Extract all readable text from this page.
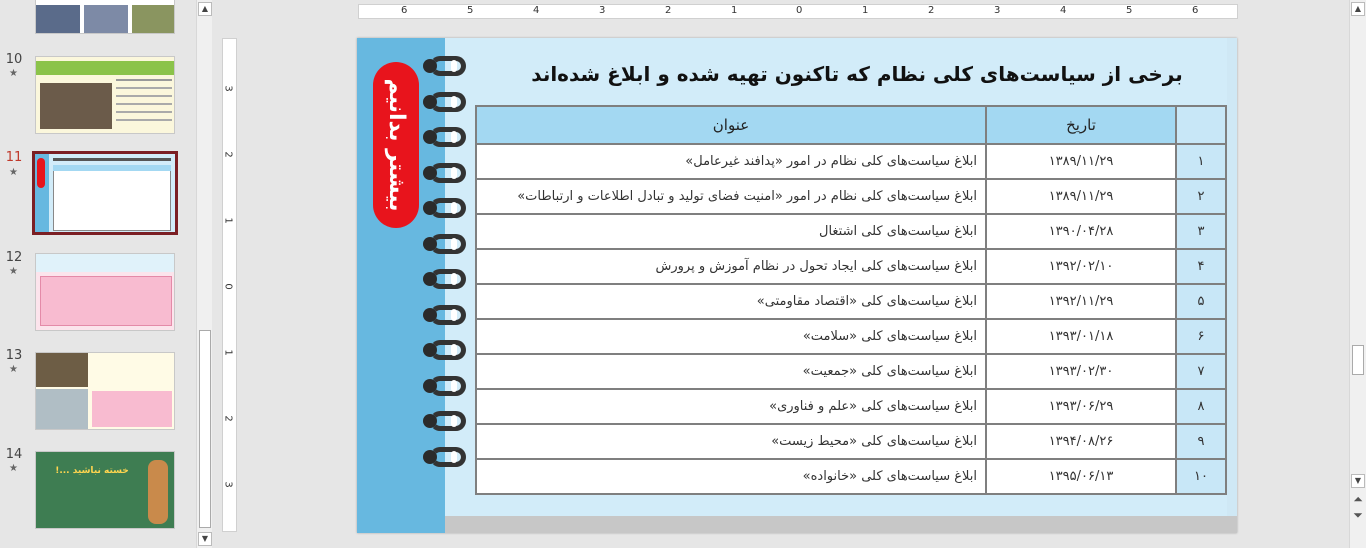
10
★
11
★
12
★
13
★
14
★	خسته نباشید ...!
▲
▼
6	5	4	3	2	1	0	1	2	3	4	5	6
3
2
1
0
1
2
3
بیشتر بدانیم
برخی از سیاست‌های کلی نظام که تاکنون تهیه شده و ابلاغ شده‌اند
	تاریخ	عنوان
۱	۱۳۸۹/۱۱/۲۹	ابلاغ سیاست‌های کلی نظام در امور «پدافند غیرعامل»
۲	۱۳۸۹/۱۱/۲۹	ابلاغ سیاست‌های کلی نظام در امور «امنیت فضای تولید و تبادل اطلاعات و ارتباطات»
۳	۱۳۹۰/۰۴/۲۸	ابلاغ سیاست‌های کلی اشتغال
۴	۱۳۹۲/۰۲/۱۰	ابلاغ سیاست‌های کلی ایجاد تحول در نظام آموزش و پرورش
۵	۱۳۹۲/۱۱/۲۹	ابلاغ سیاست‌های کلی «اقتصاد مقاومتی»
۶	۱۳۹۳/۰۱/۱۸	ابلاغ سیاست‌های کلی «سلامت»
۷	۱۳۹۳/۰۲/۳۰	ابلاغ سیاست‌های کلی «جمعیت»
۸	۱۳۹۳/۰۶/۲۹	ابلاغ سیاست‌های کلی «علم و فناوری»
۹	۱۳۹۴/۰۸/۲۶	ابلاغ سیاست‌های کلی «محیط زیست»
۱۰	۱۳۹۵/۰۶/۱۳	ابلاغ سیاست‌های کلی «خانواده»
▲
▼
⏶
⏷
